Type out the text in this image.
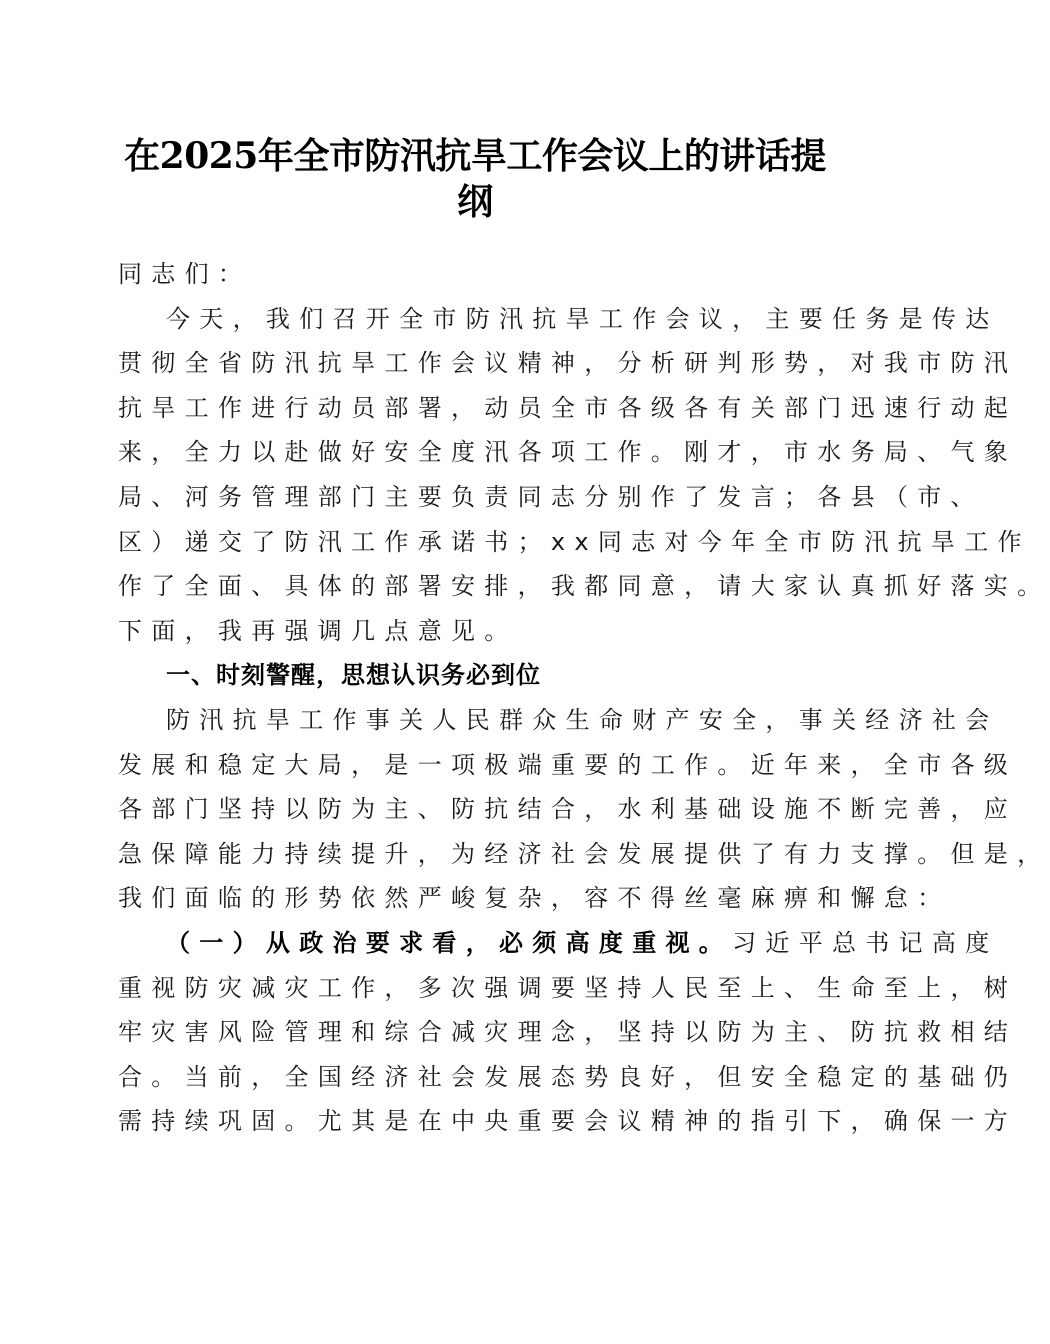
在2025年全市防汛抗旱工作会议上的讲话提
纲
同志们：
今天，我们召开全市防汛抗旱工作会议，主要任务是传达
贯彻全省防汛抗旱工作会议精神，分析研判形势，对我市防汛
抗旱工作进行动员部署，动员全市各级各有关部门迅速行动起
来，全力以赴做好安全度汛各项工作。刚才，市水务局、气象
局、河务管理部门主要负责同志分别作了发言；各县（市、
区）递交了防汛工作承诺书；xx同志对今年全市防汛抗旱工作
作了全面、具体的部署安排，我都同意，请大家认真抓好落实。
下面，我再强调几点意见。
一、时刻警醒，思想认识务必到位
防汛抗旱工作事关人民群众生命财产安全，事关经济社会
发展和稳定大局，是一项极端重要的工作。近年来，全市各级
各部门坚持以防为主、防抗结合，水利基础设施不断完善，应
急保障能力持续提升，为经济社会发展提供了有力支撑。但是，
我们面临的形势依然严峻复杂，容不得丝毫麻痹和懈怠：
（一）从政治要求看，必须高度重视。习近平总书记高度
重视防灾减灾工作，多次强调要坚持人民至上、生命至上，树
牢灾害风险管理和综合减灾理念，坚持以防为主、防抗救相结
合。当前，全国经济社会发展态势良好，但安全稳定的基础仍
需持续巩固。尤其是在中央重要会议精神的指引下，确保一方
